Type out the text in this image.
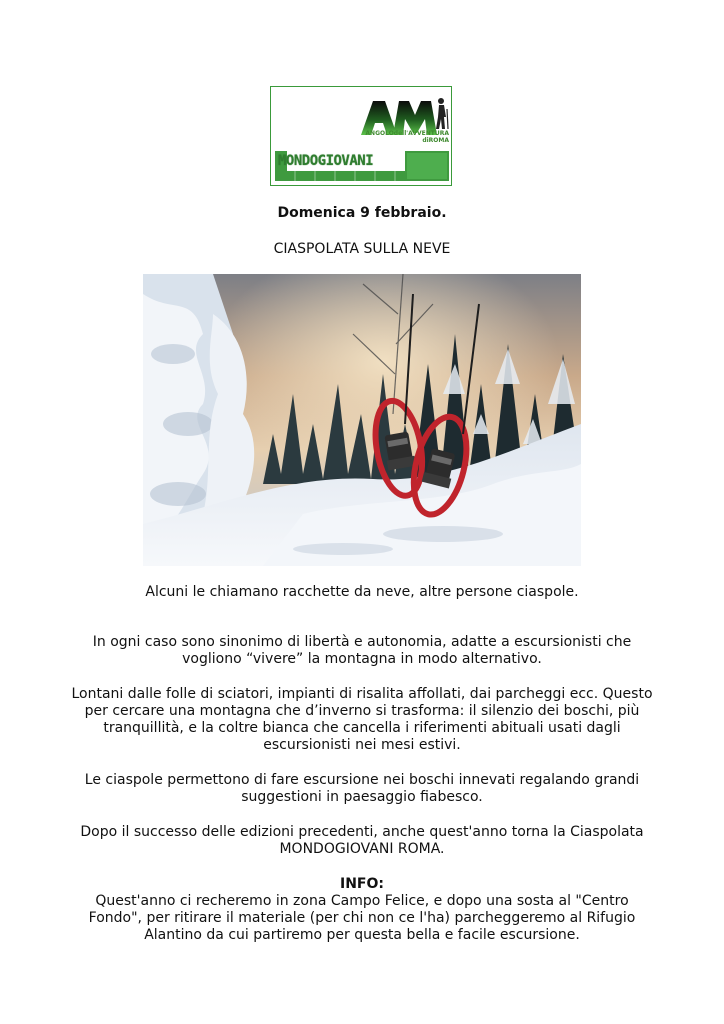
ANGOLOdell'AVVENTURA
diROMA
MONDOGIOVANI
Domenica 9 febbraio.
CIASPOLATA SULLA NEVE
Alcuni le chiamano racchette da neve, altre persone ciaspole.
In ogni caso sono sinonimo di libertà e autonomia, adatte a escursionisti che vogliono “vivere” la montagna in modo alternativo.
Lontani dalle folle di sciatori, impianti di risalita affollati, dai parcheggi ecc. Questo per cercare una montagna che d’inverno si trasforma: il silenzio dei boschi, più tranquillità, e la coltre bianca che cancella i riferimenti abituali usati dagli escursionisti nei mesi estivi.
Le ciaspole permettono di fare escursione nei boschi innevati regalando grandi suggestioni in paesaggio fiabesco.
Dopo il successo delle edizioni precedenti, anche quest'anno torna la Ciaspolata MONDOGIOVANI ROMA.
INFO:
Quest'anno ci recheremo in zona Campo Felice, e dopo una sosta al "Centro Fondo", per ritirare il materiale (per chi non ce l'ha) parcheggeremo al Rifugio Alantino da cui partiremo per questa bella e facile escursione.
